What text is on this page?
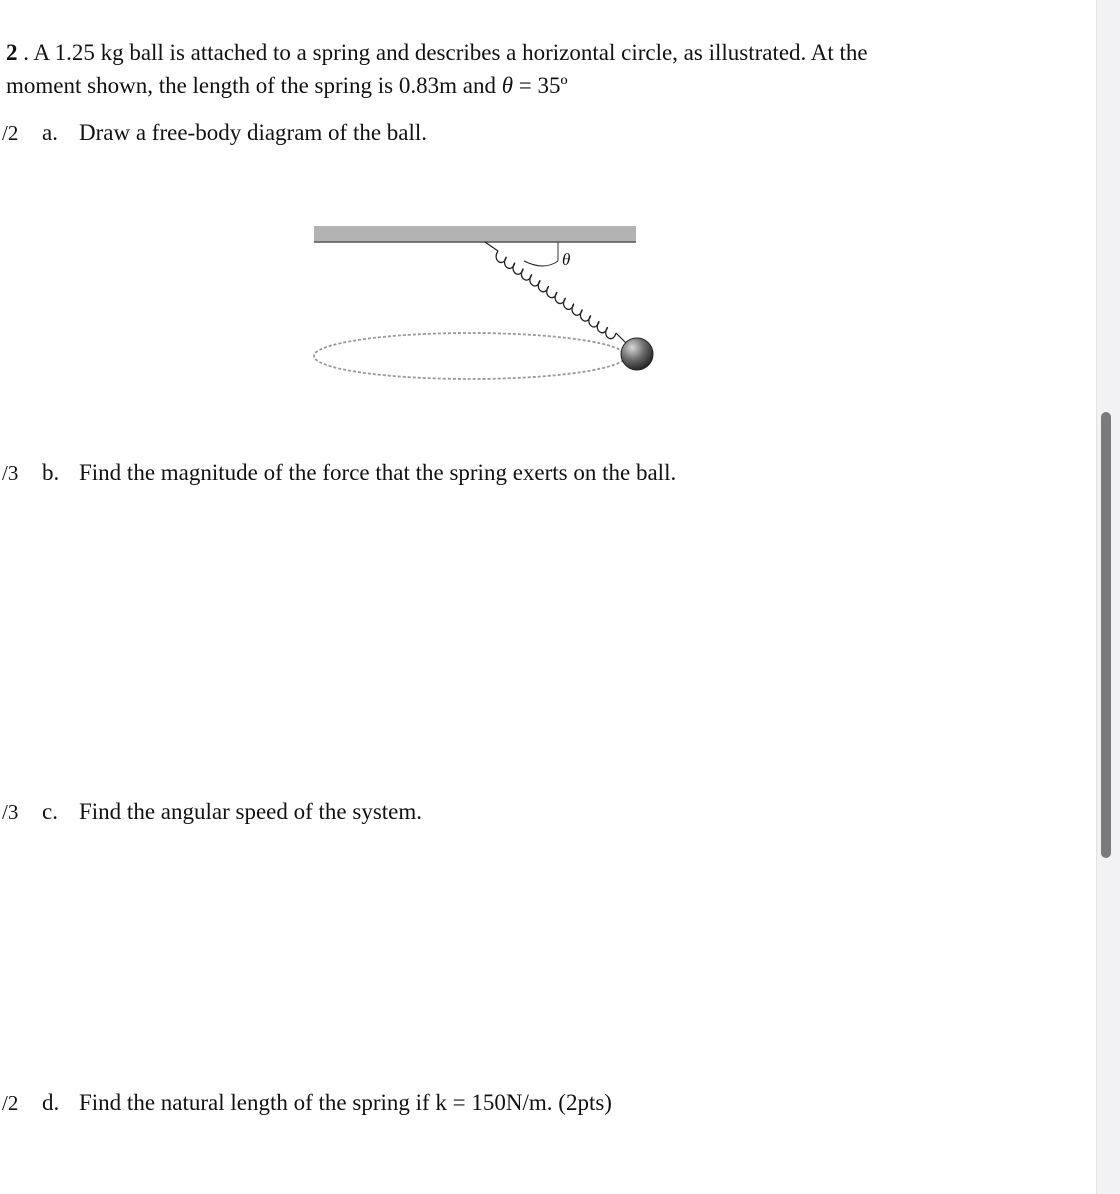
2 . A 1.25 kg ball is attached to a spring and describes a horizontal circle, as illustrated. At the
moment shown, the length of the spring is 0.83m and θ = 35º
/2 a. Draw a free-body diagram of the ball.
θ
/3 b. Find the magnitude of the force that the spring exerts on the ball.
/3 c. Find the angular speed of the system.
/2 d. Find the natural length of the spring if k = 150N/m. (2pts)
